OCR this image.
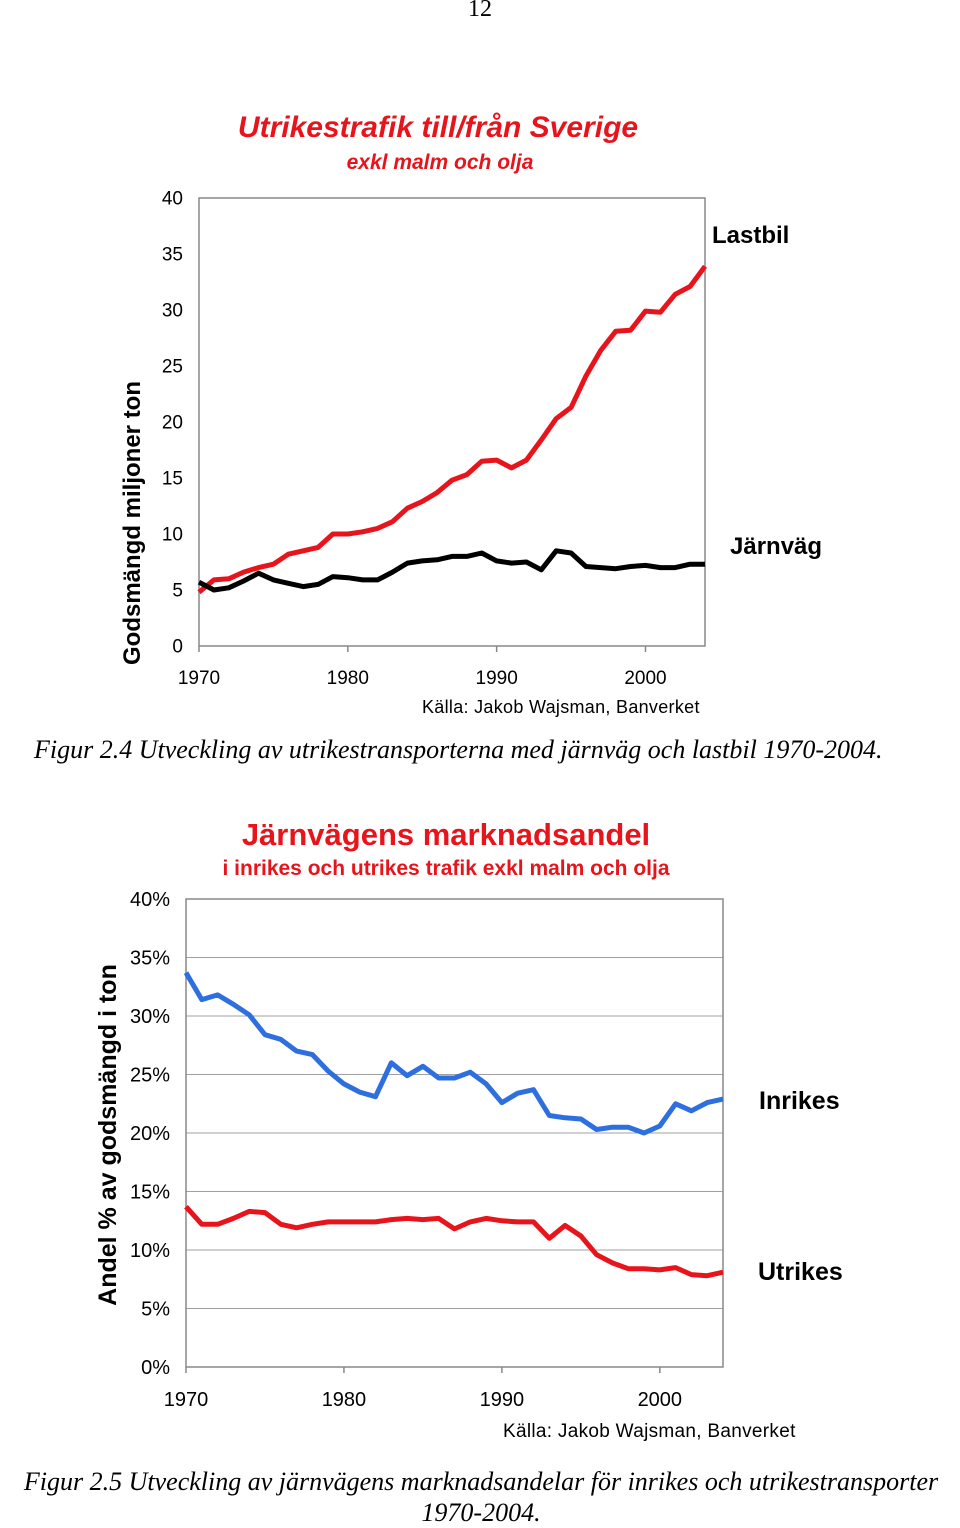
12
Utrikestrafik till/från Sverige
exkl malm och olja
Godsmängd miljoner ton 0
5
10
15
20
25
30
35
40
1970	1980	1990	2000
Lastbil
Järnväg
Källa: Jakob Wajsman, Banverket
Figur 2.4 Utveckling av utrikestransporterna med järnväg och lastbil 1970-2004.
Järnvägens marknadsandel
i inrikes och utrikes trafik exkl malm och olja
Andel % av godsmängd i ton
0%
5%
10%
15%
20%
25%
30%
35%
40%
1970	1980	1990	2000
Inrikes
Utrikes
Källa: Jakob Wajsman, Banverket
Figur 2.5 Utveckling av järnvägens marknadsandelar för inrikes och utrikestransporter 1970-2004.
